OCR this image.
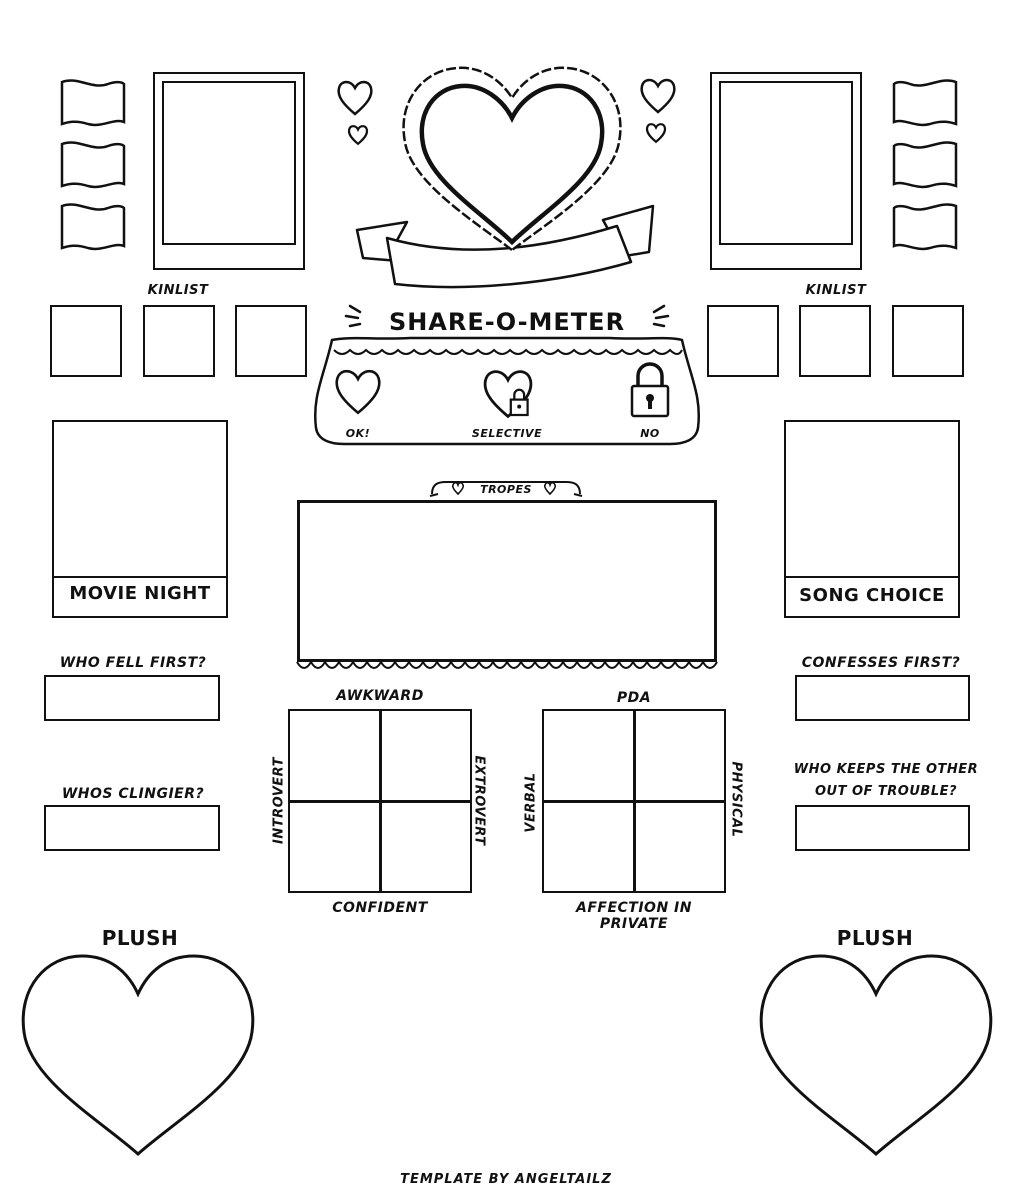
KINLIST	KINLIST
SHARE-O-METER
OK!	SELECTIVE	NO
MOVIE NIGHT	SONG CHOICE
TROPES
WHO FELL FIRST?
WHOS CLINGIER?
CONFESSES FIRST?
WHO KEEPS THE OTHER
OUT OF TROUBLE?
AWKWARD
INTROVERT	EXTROVERT
CONFIDENT
PDA
VERBAL	PHYSICAL
AFFECTION IN
PRIVATE
PLUSH	PLUSH
TEMPLATE BY ANGELTAILZ
